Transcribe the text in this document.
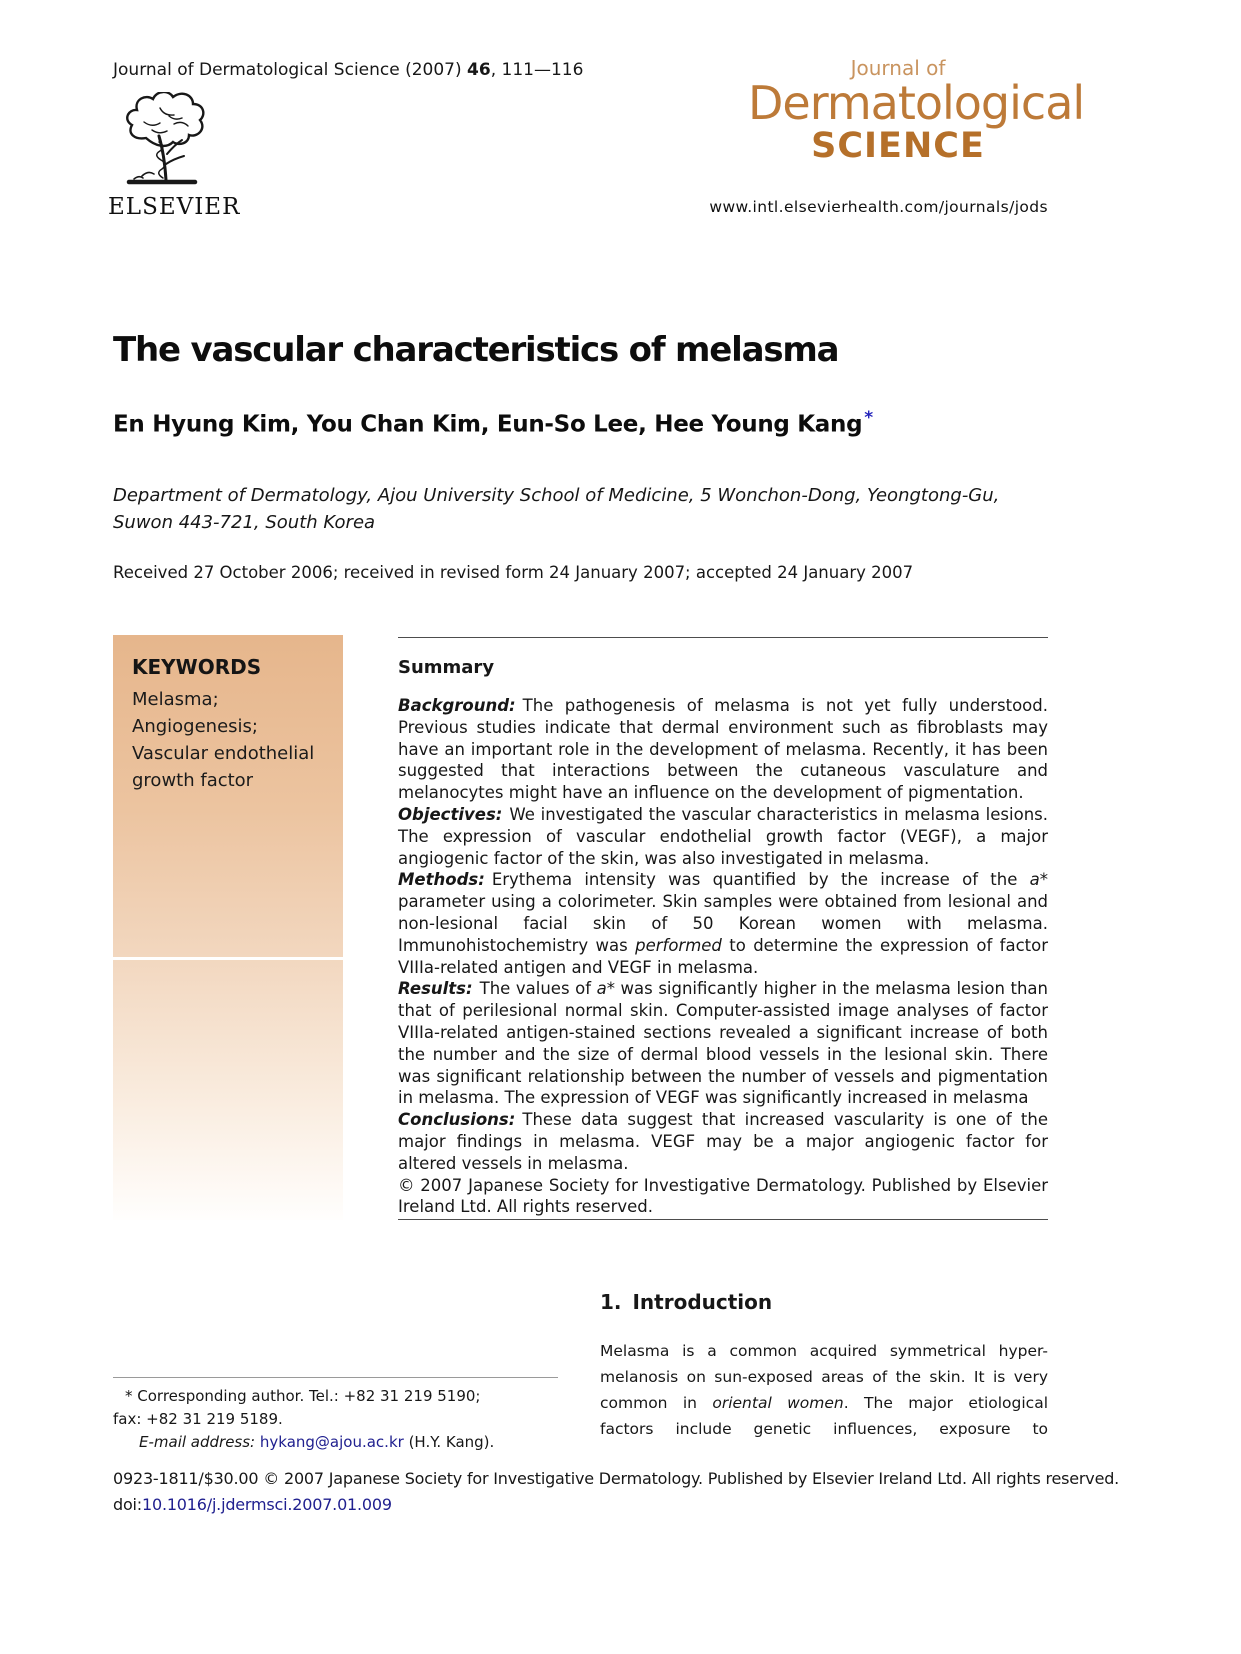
Journal of Dermatological Science (2007) 46, 111—116
ELSEVIER
Journal of
Dermatological
SCIENCE
www.intl.elsevierhealth.com/journals/jods
The vascular characteristics of melasma
En Hyung Kim, You Chan Kim, Eun-So Lee, Hee Young Kang *
Department of Dermatology, Ajou University School of Medicine, 5 Wonchon-Dong, Yeongtong-Gu, Suwon 443-721, South Korea
Received 27 October 2006; received in revised form 24 January 2007; accepted 24 January 2007
KEYWORDS
Melasma;
Angiogenesis;
Vascular endothelial growth factor
Summary

Background: The pathogenesis of melasma is not yet fully understood. Previous studies indicate that dermal environment such as fibroblasts may have an important role in the development of melasma. Recently, it has been suggested that interactions between the cutaneous vasculature and melanocytes might have an influence on the development of pigmentation.

Objectives: We investigated the vascular characteristics in melasma lesions. The expression of vascular endothelial growth factor (VEGF), a major angiogenic factor of the skin, was also investigated in melasma.

Methods: Erythema intensity was quantified by the increase of the a* parameter using a colorimeter. Skin samples were obtained from lesional and non-lesional facial skin of 50 Korean women with melasma. Immunohistochemistry was performed to determine the expression of factor VIIIa-related antigen and VEGF in melasma.

Results: The values of a* was significantly higher in the melasma lesion than that of perilesional normal skin. Computer-assisted image analyses of factor VIIIa-related antigen-stained sections revealed a significant increase of both the number and the size of dermal blood vessels in the lesional skin. There was significant relationship between the number of vessels and pigmentation in melasma. The expression of VEGF was significantly increased in melasma

Conclusions: These data suggest that increased vascularity is one of the major findings in melasma. VEGF may be a major angiogenic factor for altered vessels in melasma.

© 2007 Japanese Society for Investigative Dermatology. Published by Elsevier Ireland Ltd. All rights reserved.

1. Introduction
Melasma is a common acquired symmetrical hyper-
melanosis on sun-exposed areas of the skin. It is very
common in oriental women. The major etiological
factors include genetic influences, exposure to
* Corresponding author. Tel.: +82 31 219 5190;
fax: +82 31 219 5189.
E-mail address: hykang@ajou.ac.kr (H.Y. Kang).
0923-1811/$30.00 © 2007 Japanese Society for Investigative Dermatology. Published by Elsevier Ireland Ltd. All rights reserved.
doi:10.1016/j.jdermsci.2007.01.009
